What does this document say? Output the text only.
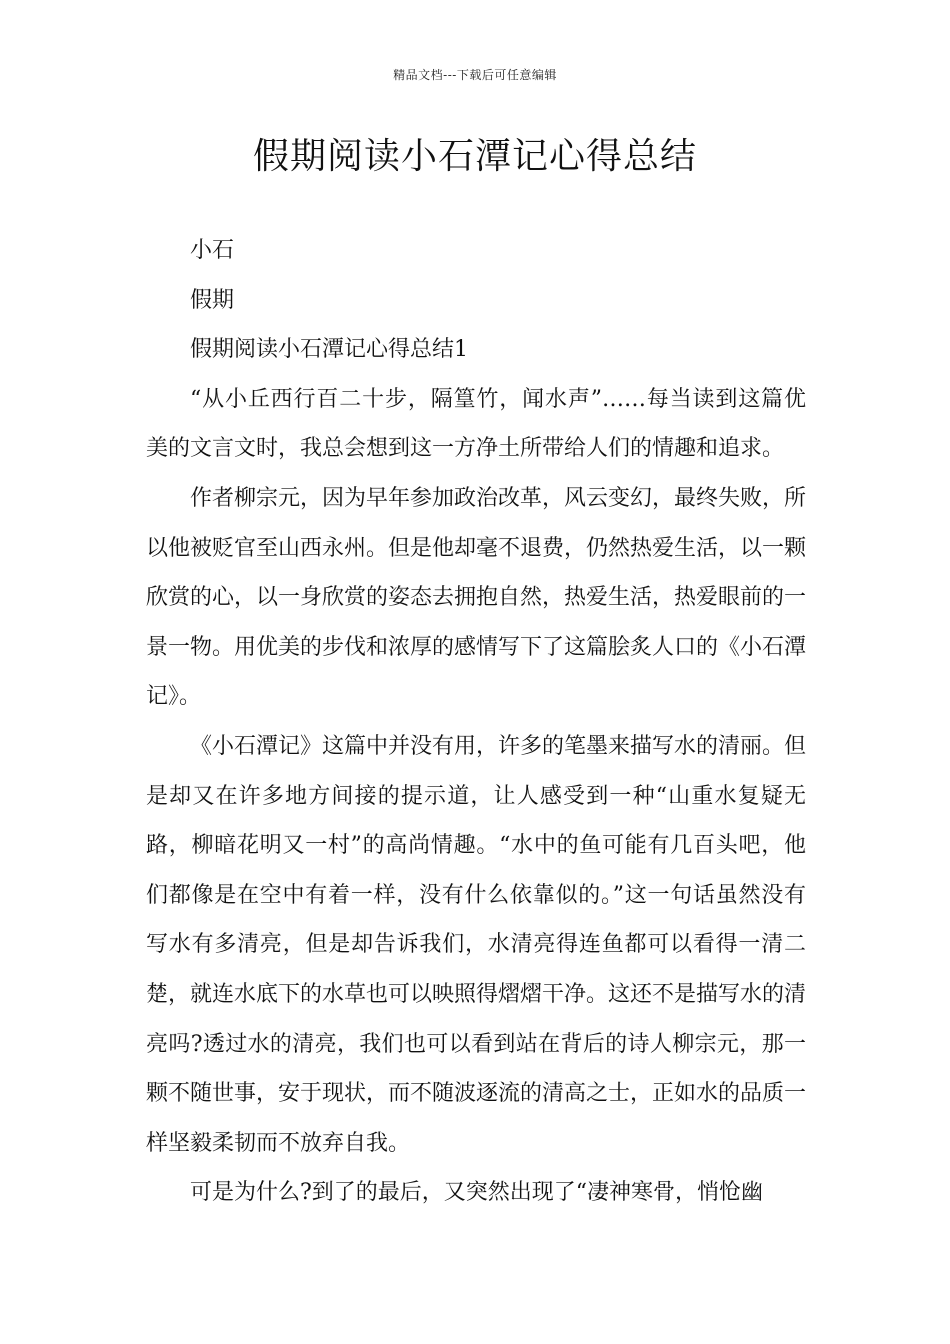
精品文档---下载后可任意编辑
假期阅读小石潭记心得总结

小石

假期

假期阅读小石潭记心得总结1

“从小丘西行百二十步，隔篁竹，闻水声”……每当读到这篇优美的文言文时，我总会想到这一方净土所带给人们的情趣和追求。

作者柳宗元，因为早年参加政治改革，风云变幻，最终失败，所以他被贬官至山西永州。但是他却毫不退费，仍然热爱生活，以一颗欣赏的心，以一身欣赏的姿态去拥抱自然，热爱生活，热爱眼前的一景一物。用优美的步伐和浓厚的感情写下了这篇脍炙人口的《小石潭记》。

《小石潭记》这篇中并没有用，许多的笔墨来描写水的清丽。但是却又在许多地方间接的提示道，让人感受到一种“山重水复疑无路，柳暗花明又一村”的高尚情趣。“水中的鱼可能有几百头吧，他们都像是在空中有着一样，没有什么依靠似的。”这一句话虽然没有写水有多清亮，但是却告诉我们，水清亮得连鱼都可以看得一清二楚，就连水底下的水草也可以映照得熠熠干净。这还不是描写水的清亮吗?透过水的清亮，我们也可以看到站在背后的诗人柳宗元，那一颗不随世事，安于现状，而不随波逐流的清高之士，正如水的品质一样坚毅柔韧而不放弃自我。

可是为什么?到了的最后，又突然出现了“凄神寒骨，悄怆幽
